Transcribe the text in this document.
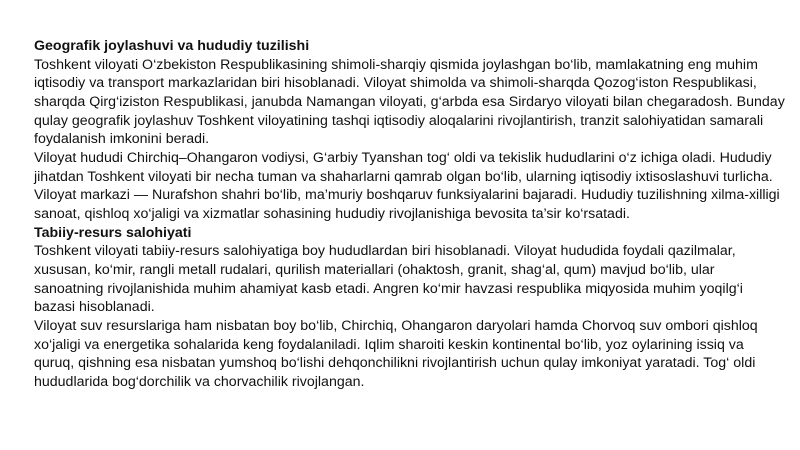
Geografik joylashuvi va hududiy tuzilishi

Toshkent viloyati O‘zbekiston Respublikasining shimoli-sharqiy qismida joylashgan bo‘lib, mamlakatning eng muhim iqtisodiy va transport markazlaridan biri hisoblanadi. Viloyat shimolda va shimoli-sharqda Qozog‘iston Respublikasi, sharqda Qirg‘iziston Respublikasi, janubda Namangan viloyati, g‘arbda esa Sirdaryo viloyati bilan chegaradosh. Bunday qulay geografik joylashuv Toshkent viloyatining tashqi iqtisodiy aloqalarini rivojlantirish, tranzit salohiyatidan samarali foydalanish imkonini beradi.

Viloyat hududi Chirchiq–Ohangaron vodiysi, G‘arbiy Tyanshan tog‘ oldi va tekislik hududlarini o‘z ichiga oladi. Hududiy jihatdan Toshkent viloyati bir necha tuman va shaharlarni qamrab olgan bo‘lib, ularning iqtisodiy ixtisoslashuvi turlicha. Viloyat markazi — Nurafshon shahri bo‘lib, ma’muriy boshqaruv funksiyalarini bajaradi. Hududiy tuzilishning xilma-xilligi sanoat, qishloq xo‘jaligi va xizmatlar sohasining hududiy rivojlanishiga bevosita ta’sir ko‘rsatadi.

Tabiiy-resurs salohiyati

Toshkent viloyati tabiiy-resurs salohiyatiga boy hududlardan biri hisoblanadi. Viloyat hududida foydali qazilmalar, xususan, ko‘mir, rangli metall rudalari, qurilish materiallari (ohaktosh, granit, shag‘al, qum) mavjud bo‘lib, ular sanoatning rivojlanishida muhim ahamiyat kasb etadi. Angren ko‘mir havzasi respublika miqyosida muhim yoqilg‘i bazasi hisoblanadi.

Viloyat suv resurslariga ham nisbatan boy bo‘lib, Chirchiq, Ohangaron daryolari hamda Chorvoq suv ombori qishloq xo‘jaligi va energetika sohalarida keng foydalaniladi. Iqlim sharoiti keskin kontinental bo‘lib, yoz oylarining issiq va quruq, qishning esa nisbatan yumshoq bo‘lishi dehqonchilikni rivojlantirish uchun qulay imkoniyat yaratadi. Tog‘ oldi hududlarida bog‘dorchilik va chorvachilik rivojlangan.
